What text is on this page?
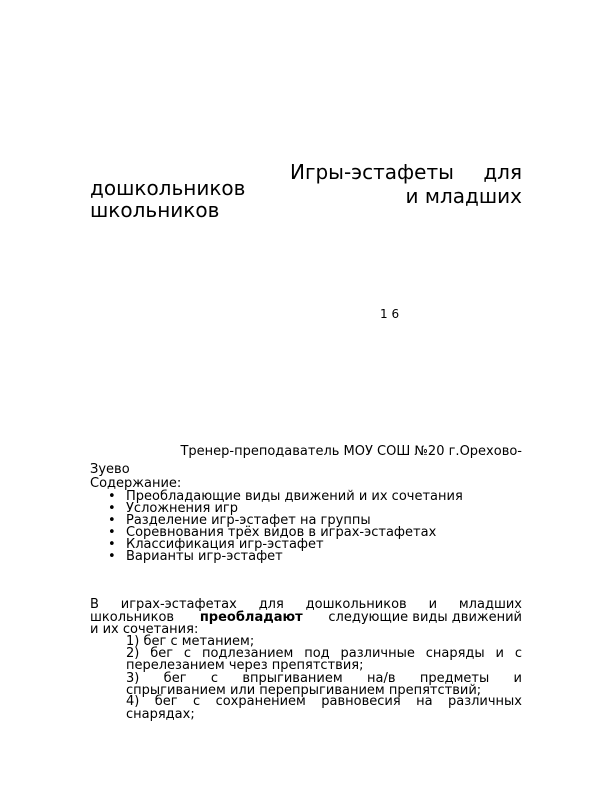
Игры-эстафеты для
дошкольников	и младших
школьников
1 6
Тренер-преподаватель МОУ СОШ №20 г.Орехово-
Зуево
Содержание:
• Преобладающие виды движений и их сочетания
• Усложнения игр
• Разделение игр-эстафет на группы
• Соревнования трёх видов в играх-эстафетах
• Классификация игр-эстафет
• Варианты игр-эстафет
В играх-эстафетах для дошкольников и младших
школьников преобладают следующие виды движений
и их сочетания:
1) бег с метанием;
2) бег с подлезанием под различные снаряды и с
перелезанием через препятствия;
3) бег с впрыгиванием на/в предметы и
спрыгиванием или перепрыгиванием препятствий;
4) бег с сохранением равновесия на различных
снарядах;
